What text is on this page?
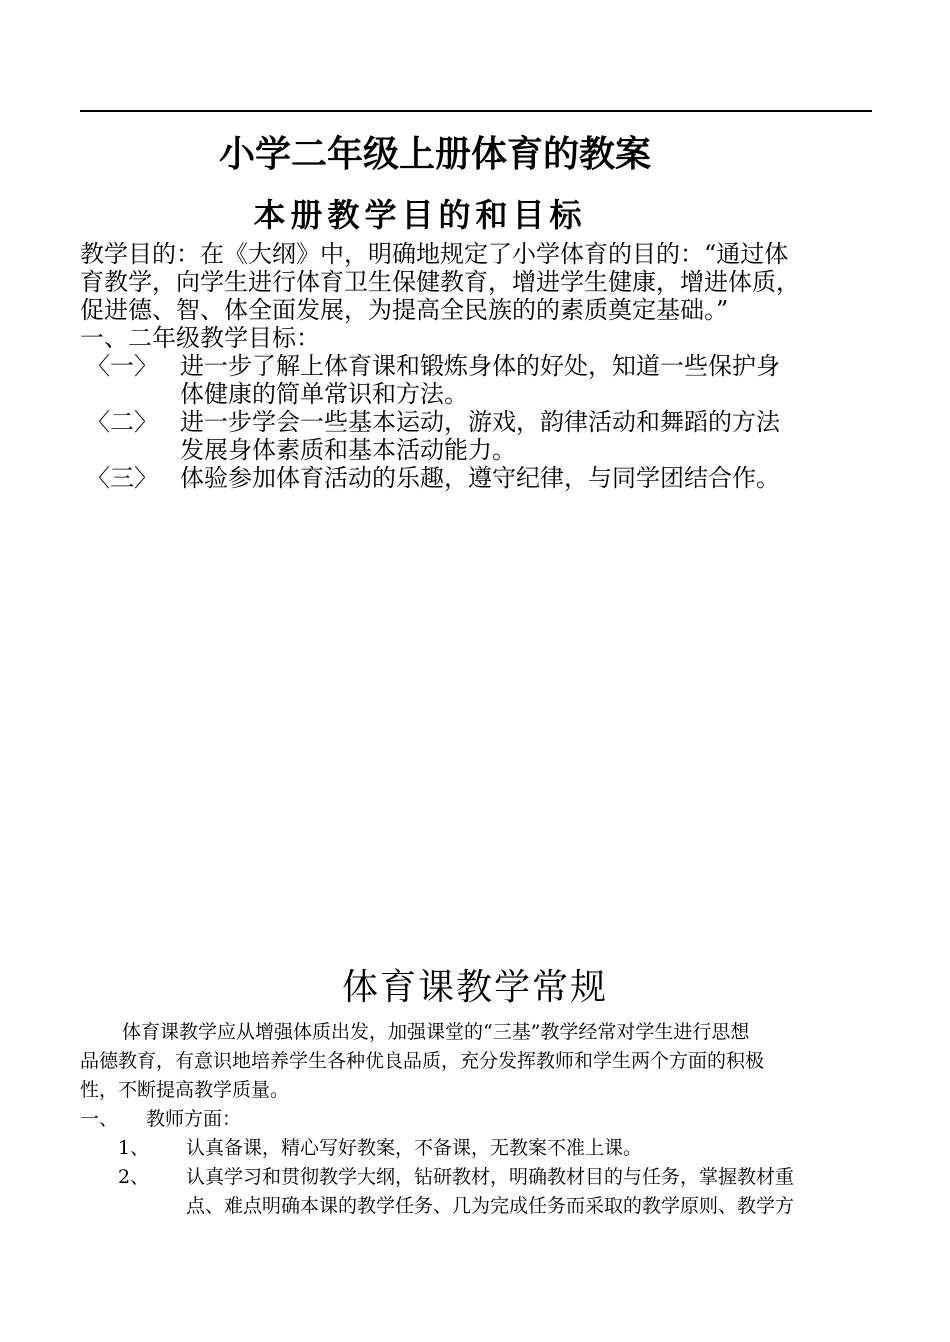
小学二年级上册体育的教案
本册教学目的和目标

教学目的：在《大纲》中，明确地规定了小学体育的目的：“通过体

育教学，向学生进行体育卫生保健教育，增进学生健康，增进体质，

促进德、智、体全面发展，为提高全民族的的素质奠定基础。”

一、二年级教学目标：

〈一〉 进一步了解上体育课和锻炼身体的好处，知道一些保护身
体健康的简单常识和方法。
〈二〉 进一步学会一些基本运动，游戏，韵律活动和舞蹈的方法
发展身体素质和基本活动能力。
〈三〉 体验参加体育活动的乐趣，遵守纪律，与同学团结合作。
体育课教学常规

体育课教学应从增强体质出发，加强课堂的“三基”教学经常对学生进行思想

品德教育，有意识地培养学生各种优良品质，充分发挥教师和学生两个方面的积极

性，不断提高教学质量。

一、	教师方面：
1、	认真备课，精心写好教案，不备课，无教案不准上课。
2、	认真学习和贯彻教学大纲，钻研教材，明确教材目的与任务，掌握教材重
点、难点明确本课的教学任务、几为完成任务而采取的教学原则、教学方
